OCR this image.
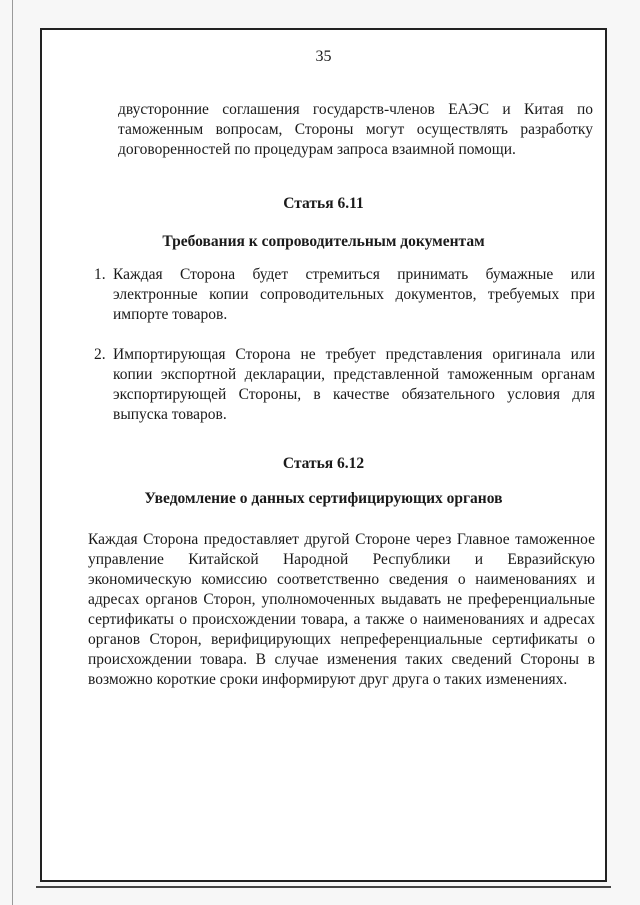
35
двусторонние соглашения государств-членов ЕАЭС и Китая по таможенным вопросам, Стороны могут осуществлять разработку договоренностей по процедурам запроса взаимной помощи.
Статья 6.11
Требования к сопроводительным документам
1. Каждая Сторона будет стремиться принимать бумажные или электронные копии сопроводительных документов, требуемых при импорте товаров.
2. Импортирующая Сторона не требует представления оригинала или копии экспортной декларации, представленной таможенным органам экспортирующей Стороны, в качестве обязательного условия для выпуска товаров.
Статья 6.12
Уведомление о данных сертифицирующих органов
Каждая Сторона предоставляет другой Стороне через Главное таможенное управление Китайской Народной Республики и Евразийскую экономическую комиссию соответственно сведения о наименованиях и адресах органов Сторон, уполномоченных выдавать не преференциальные сертификаты о происхождении товара, а также о наименованиях и адресах органов Сторон, верифицирующих непреференциальные сертификаты о происхождении товара. В случае изменения таких сведений Стороны в возможно короткие сроки информируют друг друга о таких изменениях.
